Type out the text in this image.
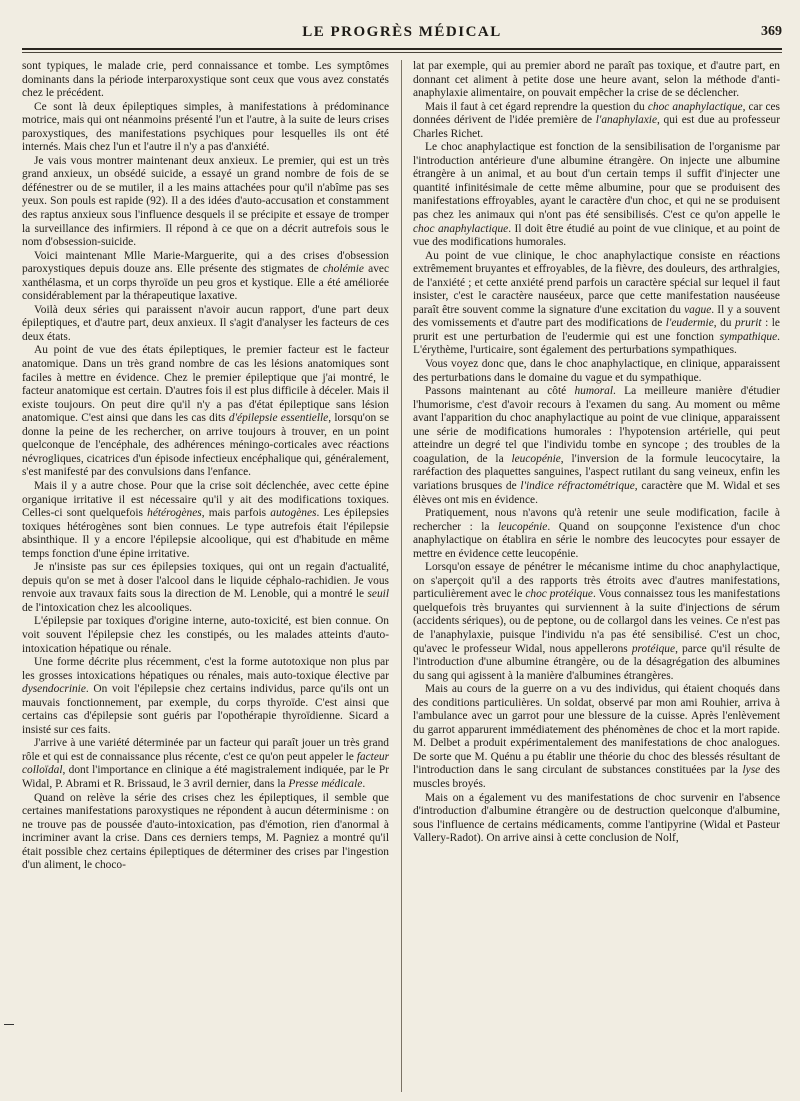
LE PROGRÈS MÉDICAL	369

sont typiques, le malade crie, perd connaissance et tombe. Les symptômes dominants dans la période interparoxystique sont ceux que vous avez constatés chez le précédent.

Ce sont là deux épileptiques simples, à manifestations à prédominance motrice, mais qui ont néanmoins présenté l'un et l'autre, à la suite de leurs crises paroxystiques, des manifestations psychiques pour lesquelles ils ont été internés. Mais chez l'un et l'autre il n'y a pas d'anxiété.

Je vais vous montrer maintenant deux anxieux. Le premier, qui est un très grand anxieux, un obsédé suicide, a essayé un grand nombre de fois de se défénestrer ou de se mutiler, il a les mains attachées pour qu'il n'abîme pas ses yeux. Son pouls est rapide (92). Il a des idées d'auto-accusation et constamment des raptus anxieux sous l'influence desquels il se précipite et essaye de tromper la surveillance des infirmiers. Il répond à ce que on a décrit autrefois sous le nom d'obsession-suicide.

Voici maintenant Mlle Marie-Marguerite, qui a des crises d'obsession paroxystiques depuis douze ans. Elle présente des stigmates de cholémie avec xanthélasma, et un corps thyroïde un peu gros et kystique. Elle a été améliorée considérablement par la thérapeutique laxative.

Voilà deux séries qui paraissent n'avoir aucun rapport, d'une part deux épileptiques, et d'autre part, deux anxieux. Il s'agit d'analyser les facteurs de ces deux états.

Au point de vue des états épileptiques, le premier facteur est le facteur anatomique. Dans un très grand nombre de cas les lésions anatomiques sont faciles à mettre en évidence. Chez le premier épileptique que j'ai montré, le facteur anatomique est certain. D'autres fois il est plus difficile à déceler. Mais il existe toujours. On peut dire qu'il n'y a pas d'état épileptique sans lésion anatomique. C'est ainsi que dans les cas dits d'épilepsie essentielle, lorsqu'on se donne la peine de les rechercher, on arrive toujours à trouver, en un point quelconque de l'encéphale, des adhérences méningo-corticales avec réactions névrogliques, cicatrices d'un épisode infectieux encéphalique qui, généralement, s'est manifesté par des convulsions dans l'enfance.

Mais il y a autre chose. Pour que la crise soit déclenchée, avec cette épine organique irritative il est nécessaire qu'il y ait des modifications toxiques. Celles-ci sont quelquefois hétérogènes, mais parfois autogènes. Les épilepsies toxiques hétérogènes sont bien connues. Le type autrefois était l'épilepsie absinthique. Il y a encore l'épilepsie alcoolique, qui est d'habitude en même temps fonction d'une épine irritative.

Je n'insiste pas sur ces épilepsies toxiques, qui ont un regain d'actualité, depuis qu'on se met à doser l'alcool dans le liquide céphalo-rachidien. Je vous renvoie aux travaux faits sous la direction de M. Lenoble, qui a montré le seuil de l'intoxication chez les alcooliques.

L'épilepsie par toxiques d'origine interne, auto-toxicité, est bien connue. On voit souvent l'épilepsie chez les constipés, ou les malades atteints d'auto-intoxication hépatique ou rénale.

Une forme décrite plus récemment, c'est la forme autotoxique non plus par les grosses intoxications hépatiques ou rénales, mais auto-toxique élective par dysendocrinie. On voit l'épilepsie chez certains individus, parce qu'ils ont un mauvais fonctionnement, par exemple, du corps thyroïde. C'est ainsi que certains cas d'épilepsie sont guéris par l'opothérapie thyroïdienne. Sicard a insisté sur ces faits.

J'arrive à une variété déterminée par un facteur qui paraît jouer un très grand rôle et qui est de connaissance plus récente, c'est ce qu'on peut appeler le facteur colloïdal, dont l'importance en clinique a été magistralement indiquée, par le Pr Widal, P. Abrami et R. Brissaud, le 3 avril dernier, dans la Presse médicale.

Quand on relève la série des crises chez les épileptiques, il semble que certaines manifestations paroxystiques ne répondent à aucun déterminisme : on ne trouve pas de poussée d'auto-intoxication, pas d'émotion, rien d'anormal à incriminer avant la crise. Dans ces derniers temps, M. Pagniez a montré qu'il était possible chez certains épileptiques de déterminer des crises par l'ingestion d'un aliment, le choco-

lat par exemple, qui au premier abord ne paraît pas toxique, et d'autre part, en donnant cet aliment à petite dose une heure avant, selon la méthode d'anti-anaphylaxie alimentaire, on pouvait empêcher la crise de se déclencher.

Mais il faut à cet égard reprendre la question du choc anaphylactique, car ces données dérivent de l'idée première de l'anaphylaxie, qui est due au professeur Charles Richet.

Le choc anaphylactique est fonction de la sensibilisation de l'organisme par l'introduction antérieure d'une albumine étrangère. On injecte une albumine étrangère à un animal, et au bout d'un certain temps il suffit d'injecter une quantité infinitésimale de cette même albumine, pour que se produisent des manifestations effroyables, ayant le caractère d'un choc, et qui ne se produisent pas chez les animaux qui n'ont pas été sensibilisés. C'est ce qu'on appelle le choc anaphylactique. Il doit être étudié au point de vue clinique, et au point de vue des modifications humorales.

Au point de vue clinique, le choc anaphylactique consiste en réactions extrêmement bruyantes et effroyables, de la fièvre, des douleurs, des arthralgies, de l'anxiété ; et cette anxiété prend parfois un caractère spécial sur lequel il faut insister, c'est le caractère nauséeux, parce que cette manifestation nauséeuse paraît être souvent comme la signature d'une excitation du vague. Il y a souvent des vomissements et d'autre part des modifications de l'eudermie, du prurit : le prurit est une perturbation de l'eudermie qui est une fonction sympathique. L'érythème, l'urticaire, sont également des perturbations sympathiques.

Vous voyez donc que, dans le choc anaphylactique, en clinique, apparaissent des perturbations dans le domaine du vague et du sympathique.

Passons maintenant au côté humoral. La meilleure manière d'étudier l'humorisme, c'est d'avoir recours à l'examen du sang. Au moment ou même avant l'apparition du choc anaphylactique au point de vue clinique, apparaissent une série de modifications humorales : l'hypotension artérielle, qui peut atteindre un degré tel que l'individu tombe en syncope ; des troubles de la coagulation, de la leucopénie, l'inversion de la formule leucocytaire, la raréfaction des plaquettes sanguines, l'aspect rutilant du sang veineux, enfin les variations brusques de l'indice réfractométrique, caractère que M. Widal et ses élèves ont mis en évidence.

Pratiquement, nous n'avons qu'à retenir une seule modification, facile à rechercher : la leucopénie. Quand on soupçonne l'existence d'un choc anaphylactique on établira en série le nombre des leucocytes pour essayer de mettre en évidence cette leucopénie.

Lorsqu'on essaye de pénétrer le mécanisme intime du choc anaphylactique, on s'aperçoit qu'il a des rapports très étroits avec d'autres manifestations, particulièrement avec le choc protéique. Vous connaissez tous les manifestations quelquefois très bruyantes qui surviennent à la suite d'injections de sérum (accidents sériques), ou de peptone, ou de collargol dans les veines. Ce n'est pas de l'anaphylaxie, puisque l'individu n'a pas été sensibilisé. C'est un choc, qu'avec le professeur Widal, nous appellerons protéique, parce qu'il résulte de l'introduction d'une albumine étrangère, ou de la désagrégation des albumines du sang qui agissent à la manière d'albumines étrangères.

Mais au cours de la guerre on a vu des individus, qui étaient choqués dans des conditions particulières. Un soldat, observé par mon ami Rouhier, arriva à l'ambulance avec un garrot pour une blessure de la cuisse. Après l'enlèvement du garrot apparurent immédiatement des phénomènes de choc et la mort rapide. M. Delbet a produit expérimentalement des manifestations de choc analogues. De sorte que M. Quénu a pu établir une théorie du choc des blessés résultant de l'introduction dans le sang circulant de substances constituées par la lyse des muscles broyés.

Mais on a également vu des manifestations de choc survenir en l'absence d'introduction d'albumine étrangère ou de destruction quelconque d'albumine, sous l'influence de certains médicaments, comme l'antipyrine (Widal et Pasteur Vallery-Radot). On arrive ainsi à cette conclusion de Nolf,
